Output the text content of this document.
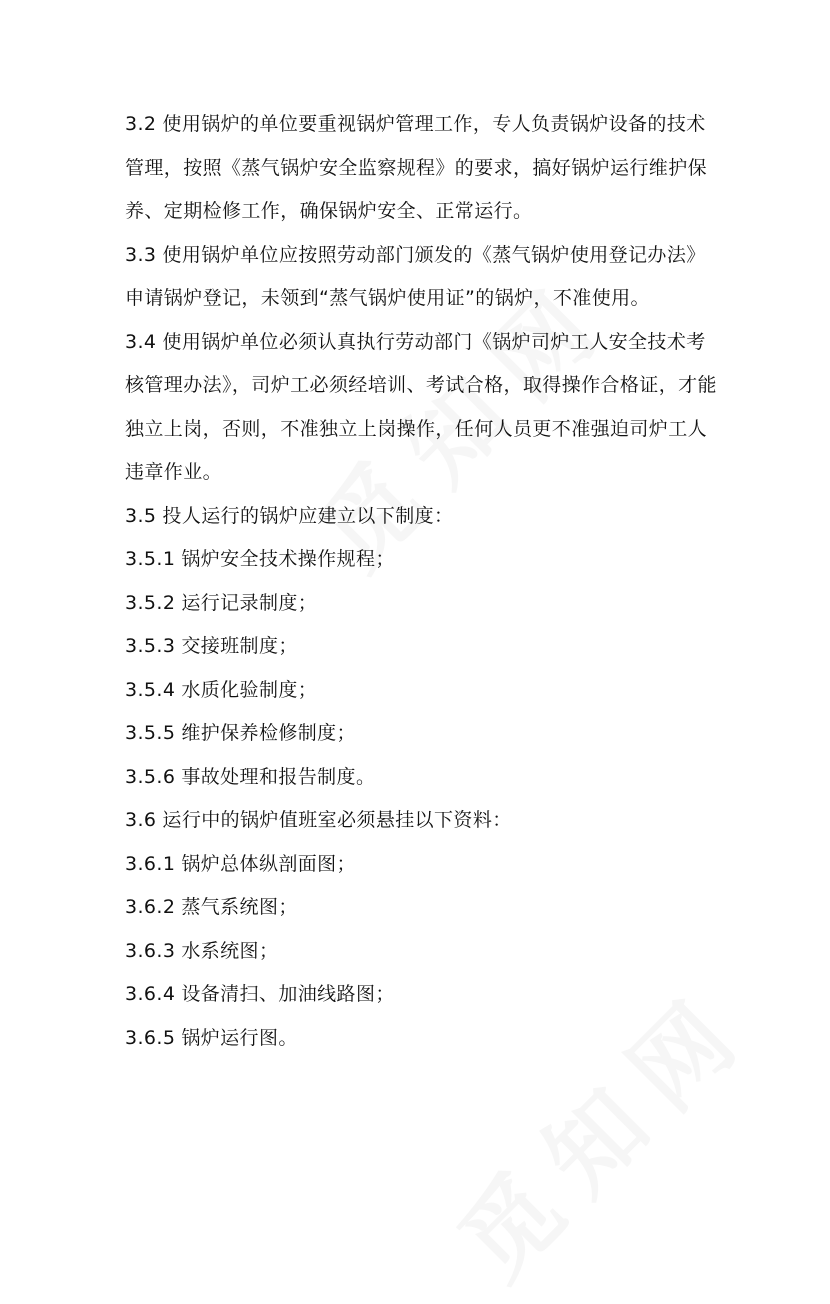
3.2 使用锅炉的单位要重视锅炉管理工作，专人负责锅炉设备的技术管理，按照《蒸气锅炉安全监察规程》的要求，搞好锅炉运行维护保养、定期检修工作，确保锅炉安全、正常运行。

3.3 使用锅炉单位应按照劳动部门颁发的《蒸气锅炉使用登记办法》申请锅炉登记，未领到“蒸气锅炉使用证”的锅炉，不准使用。

3.4 使用锅炉单位必须认真执行劳动部门《锅炉司炉工人安全技术考核管理办法》，司炉工必须经培训、考试合格，取得操作合格证，才能独立上岗，否则，不准独立上岗操作，任何人员更不准强迫司炉工人违章作业。

3.5 投人运行的锅炉应建立以下制度：

3.5.1 锅炉安全技术操作规程；

3.5.2 运行记录制度；

3.5.3 交接班制度；

3.5.4 水质化验制度；

3.5.5 维护保养检修制度；

3.5.6 事故处理和报告制度。

3.6 运行中的锅炉值班室必须悬挂以下资料：

3.6.1 锅炉总体纵剖面图；

3.6.2 蒸气系统图；

3.6.3 水系统图；

3.6.4 设备清扫、加油线路图；

3.6.5 锅炉运行图。
